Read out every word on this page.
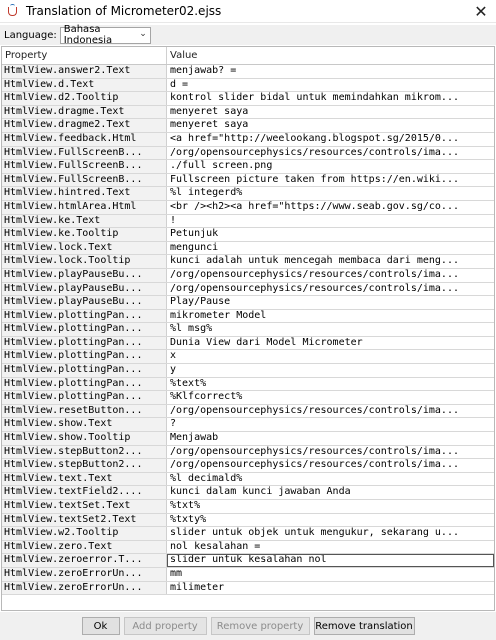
Translation of Micrometer02.ejss	✕
Language: Bahasa Indonesia
⌄
Property	Value
HtmlView.answer2.Text	menjawab? =
HtmlView.d.Text	d =
HtmlView.d2.Tooltip	kontrol slider bidal untuk memindahkan mikrom...
HtmlView.dragme.Text	menyeret saya
HtmlView.dragme2.Text	menyeret saya
HtmlView.feedback.Html	<a href="http://weelookang.blogspot.sg/2015/0...
HtmlView.FullScreenB...	/org/opensourcephysics/resources/controls/ima...
HtmlView.FullScreenB...	./full screen.png
HtmlView.FullScreenB...	Fullscreen picture taken from https://en.wiki...
HtmlView.hintred.Text	%l integerd%
HtmlView.htmlArea.Html	<br /><h2><a href="https://www.seab.gov.sg/co...
HtmlView.ke.Text	!
HtmlView.ke.Tooltip	Petunjuk
HtmlView.lock.Text	mengunci
HtmlView.lock.Tooltip	kunci adalah untuk mencegah membaca dari meng...
HtmlView.playPauseBu...	/org/opensourcephysics/resources/controls/ima...
HtmlView.playPauseBu...	/org/opensourcephysics/resources/controls/ima...
HtmlView.playPauseBu...	Play/Pause
HtmlView.plottingPan...	mikrometer Model
HtmlView.plottingPan...	%l msg%
HtmlView.plottingPan...	Dunia View dari Model Micrometer
HtmlView.plottingPan...	x
HtmlView.plottingPan...	y
HtmlView.plottingPan...	%text%
HtmlView.plottingPan...	%Klfcorrect%
HtmlView.resetButton...	/org/opensourcephysics/resources/controls/ima...
HtmlView.show.Text	?
HtmlView.show.Tooltip	Menjawab
HtmlView.stepButton2...	/org/opensourcephysics/resources/controls/ima...
HtmlView.stepButton2...	/org/opensourcephysics/resources/controls/ima...
HtmlView.text.Text	%l decimald%
HtmlView.textField2....	kunci dalam kunci jawaban Anda
HtmlView.textSet.Text	%txt%
HtmlView.textSet2.Text	%txty%
HtmlView.w2.Tooltip	slider untuk objek untuk mengukur, sekarang u...
HtmlView.zero.Text	nol kesalahan =
HtmlView.zeroerror.T...	slider untuk kesalahan nol
HtmlView.zeroErrorUn...	mm
HtmlView.zeroErrorUn...	milimeter
Ok	Add property	Remove property	Remove translation
